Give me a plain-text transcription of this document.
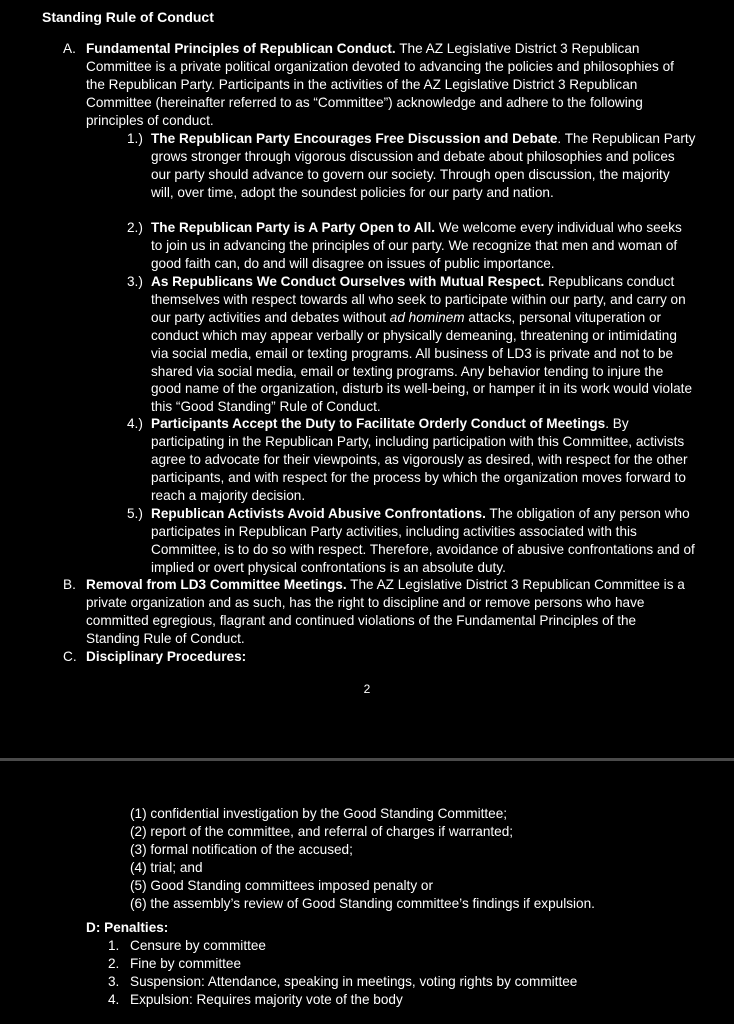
Standing Rule of Conduct
A. Fundamental Principles of Republican Conduct. The AZ Legislative District 3 Republican Committee is a private political organization devoted to advancing the policies and philosophies of the Republican Party. Participants in the activities of the AZ Legislative District 3 Republican Committee (hereinafter referred to as “Committee”) acknowledge and adhere to the following principles of conduct.
1.) The Republican Party Encourages Free Discussion and Debate. The Republican Party grows stronger through vigorous discussion and debate about philosophies and polices our party should advance to govern our society. Through open discussion, the majority will, over time, adopt the soundest policies for our party and nation.
2.) The Republican Party is A Party Open to All. We welcome every individual who seeks to join us in advancing the principles of our party. We recognize that men and woman of good faith can, do and will disagree on issues of public importance.
3.) As Republicans We Conduct Ourselves with Mutual Respect. Republicans conduct themselves with respect towards all who seek to participate within our party, and carry on our party activities and debates without ad hominem attacks, personal vituperation or conduct which may appear verbally or physically demeaning, threatening or intimidating via social media, email or texting programs. All business of LD3 is private and not to be shared via social media, email or texting programs. Any behavior tending to injure the good name of the organization, disturb its well-being, or hamper it in its work would violate this “Good Standing” Rule of Conduct.
4.) Participants Accept the Duty to Facilitate Orderly Conduct of Meetings. By participating in the Republican Party, including participation with this Committee, activists agree to advocate for their viewpoints, as vigorously as desired, with respect for the other participants, and with respect for the process by which the organization moves forward to reach a majority decision.
5.) Republican Activists Avoid Abusive Confrontations. The obligation of any person who participates in Republican Party activities, including activities associated with this Committee, is to do so with respect. Therefore, avoidance of abusive confrontations and of implied or overt physical confrontations is an absolute duty.
B. Removal from LD3 Committee Meetings. The AZ Legislative District 3 Republican Committee is a private organization and as such, has the right to discipline and or remove persons who have committed egregious, flagrant and continued violations of the Fundamental Principles of the Standing Rule of Conduct.
C. Disciplinary Procedures:
2
(1) confidential investigation by the Good Standing Committee;
(2) report of the committee, and referral of charges if warranted;
(3) formal notification of the accused;
(4) trial; and
(5) Good Standing committees imposed penalty or
(6) the assembly’s review of Good Standing committee’s findings if expulsion.
D: Penalties:
1. Censure by committee
2. Fine by committee
3. Suspension: Attendance, speaking in meetings, voting rights by committee
4. Expulsion: Requires majority vote of the body
